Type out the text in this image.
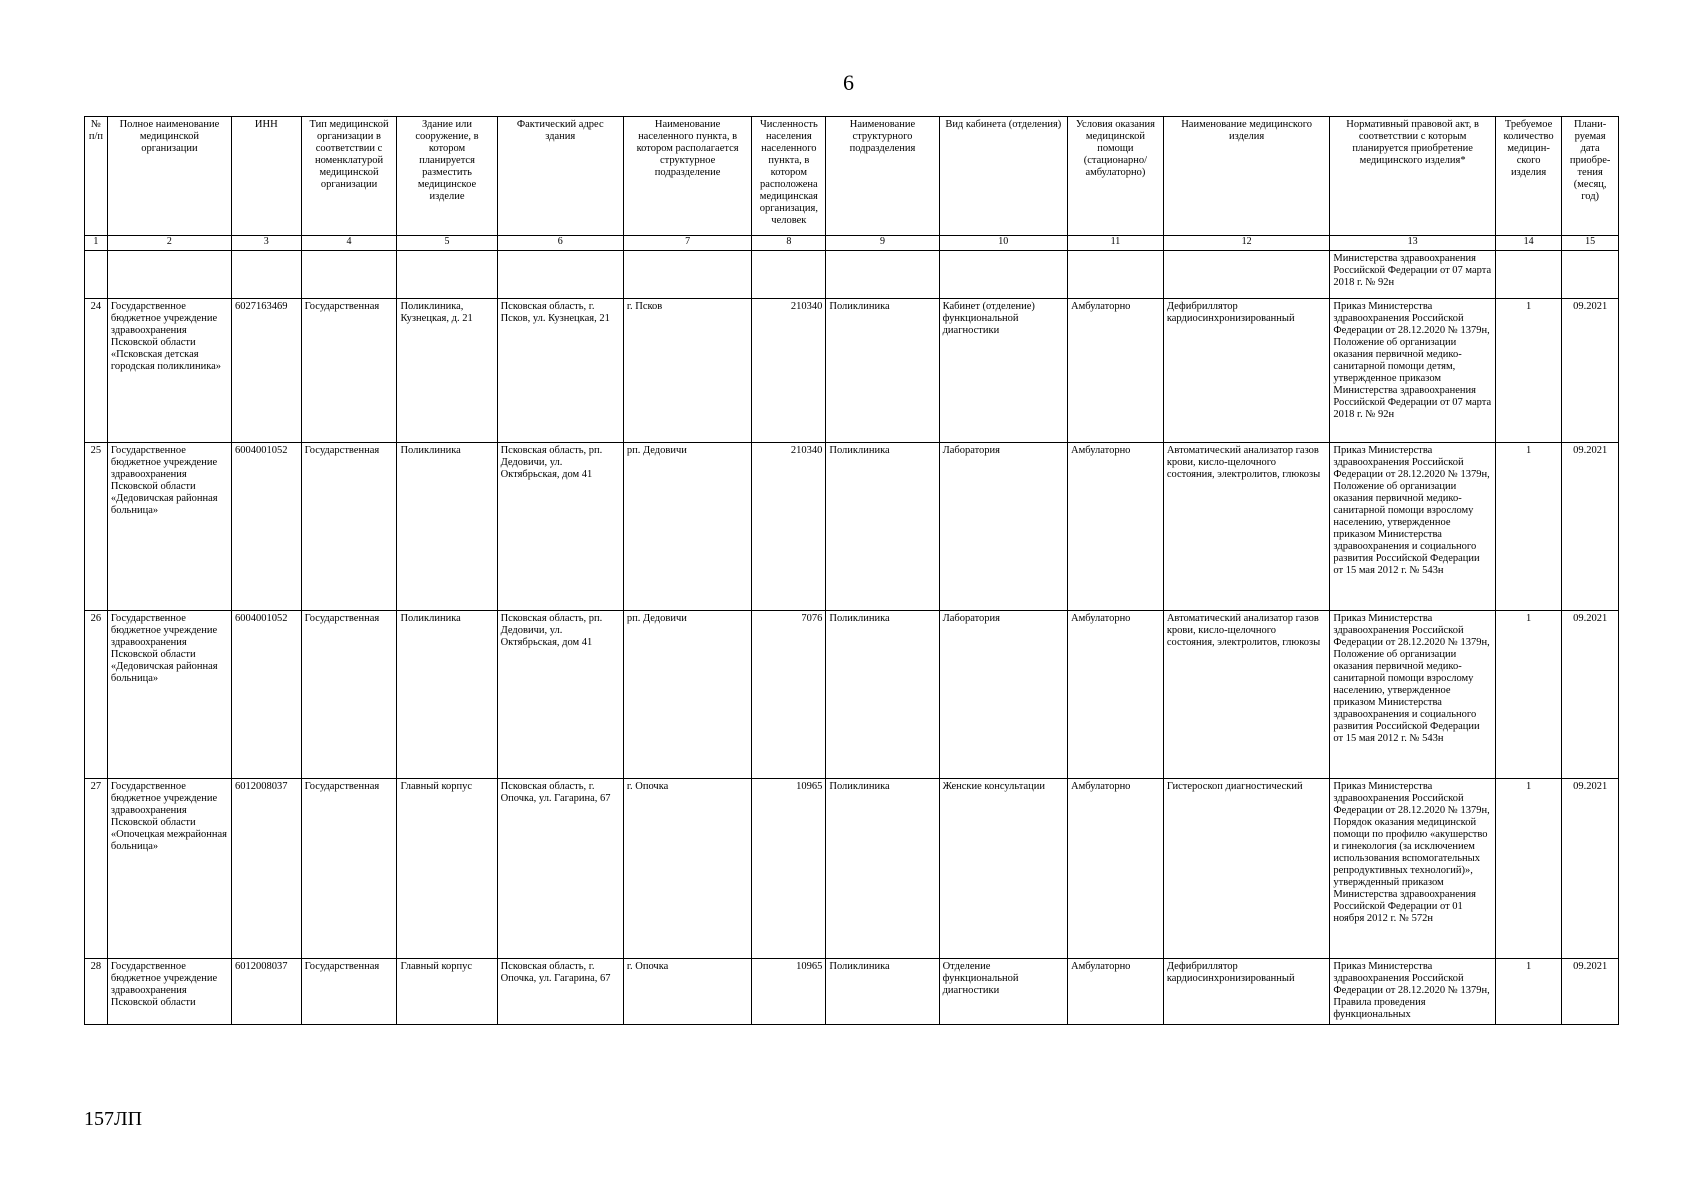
6
№ п/п	Полное наименование медицинской организации	ИНН	Тип медицинской организации в соответствии с номенклатурой медицинской организации	Здание или сооружение, в котором планируется разместить медицинское изделие	Фактический адрес здания	Наименование населенного пункта, в котором располагается структурное подразделение	Численность населения населенного пункта, в котором расположена медицинская организация, человек	Наименование структурного подразделения	Вид кабинета (отделения)	Условия оказания медицинской помощи (стационарно/ амбулаторно)	Наименование медицинского изделия	Нормативный правовой акт, в соответствии с которым планируется приобретение медицинского изделия*	Требуемое количество медицин-ского изделия	Плани-руемая дата приобре-тения (месяц, год)
1	2	3	4	5	6	7	8	9	10	11	12	13	14	15
												Министерства здравоохранения Российской Федерации от 07 марта 2018 г. № 92н		
24	Государственное бюджетное учреждение здравоохранения Псковской области «Псковская детская городская поликлиника»	6027163469	Государственная	Поликлиника, Кузнецкая, д. 21	Псковская область, г. Псков, ул. Кузнецкая, 21	г. Псков	210340	Поликлиника	Кабинет (отделение) функциональной диагностики	Амбулаторно	Дефибриллятор кардиосинхронизированный	Приказ Министерства здравоохранения Российской Федерации от 28.12.2020 № 1379н, Положение об организации оказания первичной медико-санитарной помощи детям, утвержденное приказом Министерства здравоохранения Российской Федерации от 07 марта 2018 г. № 92н	1	09.2021
25	Государственное бюджетное учреждение здравоохранения Псковской области «Дедовичская районная больница»	6004001052	Государственная	Поликлиника	Псковская область, рп. Дедовичи, ул. Октябрьская, дом 41	рп. Дедовичи	210340	Поликлиника	Лаборатория	Амбулаторно	Автоматический анализатор газов крови, кисло-щелочного состояния, электролитов, глюкозы	Приказ Министерства здравоохранения Российской Федерации от 28.12.2020 № 1379н, Положение об организации оказания первичной медико-санитарной помощи взрослому населению, утвержденное приказом Министерства здравоохранения и социального развития Российской Федерации от 15 мая 2012 г. № 543н	1	09.2021
26	Государственное бюджетное учреждение здравоохранения Псковской области «Дедовичская районная больница»	6004001052	Государственная	Поликлиника	Псковская область, рп. Дедовичи, ул. Октябрьская, дом 41	рп. Дедовичи	7076	Поликлиника	Лаборатория	Амбулаторно	Автоматический анализатор газов крови, кисло-щелочного состояния, электролитов, глюкозы	Приказ Министерства здравоохранения Российской Федерации от 28.12.2020 № 1379н, Положение об организации оказания первичной медико-санитарной помощи взрослому населению, утвержденное приказом Министерства здравоохранения и социального развития Российской Федерации от 15 мая 2012 г. № 543н	1	09.2021
27	Государственное бюджетное учреждение здравоохранения Псковской области «Опочецкая межрайонная больница»	6012008037	Государственная	Главный корпус	Псковская область, г. Опочка, ул. Гагарина, 67	г. Опочка	10965	Поликлиника	Женские консультации	Амбулаторно	Гистероскоп диагностический	Приказ Министерства здравоохранения Российской Федерации от 28.12.2020 № 1379н, Порядок оказания медицинской помощи по профилю «акушерство и гинекология (за исключением использования вспомогательных репродуктивных технологий)», утвержденный приказом Министерства здравоохранения Российской Федерации от 01 ноября 2012 г. № 572н	1	09.2021
28	Государственное бюджетное учреждение здравоохранения Псковской области	6012008037	Государственная	Главный корпус	Псковская область, г. Опочка, ул. Гагарина, 67	г. Опочка	10965	Поликлиника	Отделение функциональной диагностики	Амбулаторно	Дефибриллятор кардиосинхронизированный	Приказ Министерства здравоохранения Российской Федерации от 28.12.2020 № 1379н, Правила проведения функциональных	1	09.2021
157ЛП
